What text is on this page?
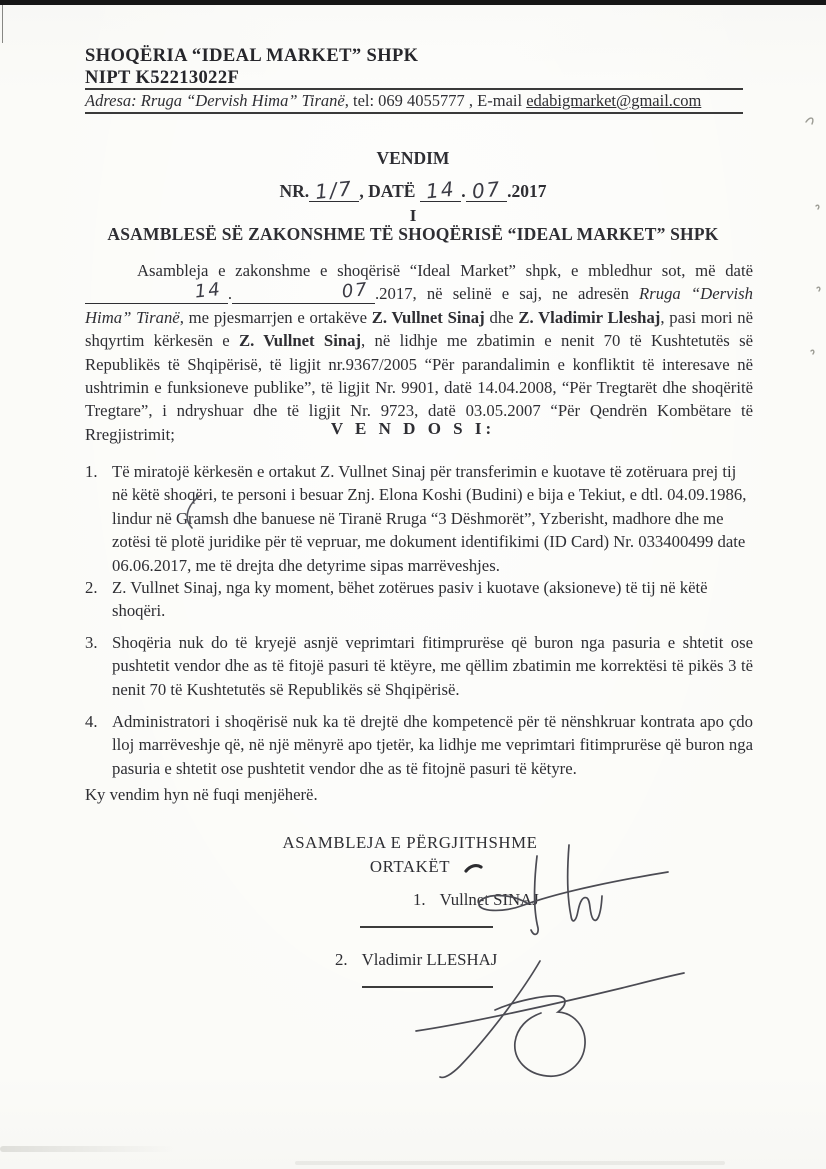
SHOQËRIA “IDEAL MARKET” SHPK
NIPT K52213022F
Adresa: Rruga “Dervish Hima” Tiranë, tel: 069 4055777 , E-mail edabigmarket@gmail.com
VENDIM
NR. 1/7 , DATË 14 . 07 .2017
I
ASAMBLESË SË ZAKONSHME TË SHOQËRISË “IDEAL MARKET” SHPK
Asambleja e zakonshme e shoqërisë “Ideal Market” shpk, e mbledhur sot, më datë 14 .	07 .2017, në selinë e saj, ne adresën Rruga “Dervish Hima” Tiranë, me pjesmarrjen e ortakëve Z. Vullnet Sinaj dhe Z. Vladimir Lleshaj, pasi mori në shqyrtim kërkesën e Z. Vullnet Sinaj, në lidhje me zbatimin e nenit 70 të Kushtetutës së Republikës të Shqipërisë, të ligjit nr.9367/2005 “Për parandalimin e konfliktit të interesave në ushtrimin e funksioneve publike”, të ligjit Nr. 9901, datë 14.04.2008, “Për Tregtarët dhe shoqëritë Tregtare”, i ndryshuar dhe të ligjit Nr. 9723, datë 03.05.2007 “Për Qendrën Kombëtare të Rregjistrimit;	V E N D O S I:
1. Të miratojë kërkesën e ortakut Z. Vullnet Sinaj për transferimin e kuotave të zotëruara prej tij në këtë shoqëri, te personi i besuar Znj. Elona Koshi (Budini) e bija e Tekiut, e dtl. 04.09.1986, lindur në Gramsh dhe banuese në Tiranë Rruga “3 Dëshmorët”, Yzberisht, madhore dhe me zotësi të plotë juridike për të vepruar, me dokument identifikimi (ID Card) Nr. 033400499 date 06.06.2017, me të drejta dhe detyrime sipas marrëveshjes.
2. Z. Vullnet Sinaj, nga ky moment, bëhet zotërues pasiv i kuotave (aksioneve) të tij në këtë shoqëri.
3. Shoqëria nuk do të kryejë asnjë veprimtari fitimprurëse që buron nga pasuria e shtetit ose pushtetit vendor dhe as të fitojë pasuri të ktëyre, me qëllim zbatimin me korrektësi të pikës 3 të nenit 70 të Kushtetutës së Republikës së Shqipërisë.
4. Administratori i shoqërisë nuk ka të drejtë dhe kompetencë për të nënshkruar kontrata apo çdo lloj marrëveshje që, në një mënyrë apo tjetër, ka lidhje me veprimtari fitimprurëse që buron nga pasuria e shtetit ose pushtetit vendor dhe as të fitojnë pasuri të këtyre.
Ky vendim hyn në fuqi menjëherë.
ASAMBLEJA E PËRGJITHSHME
ORTAKËT
1. Vullnet SINAJ
2. Vladimir LLESHAJ
